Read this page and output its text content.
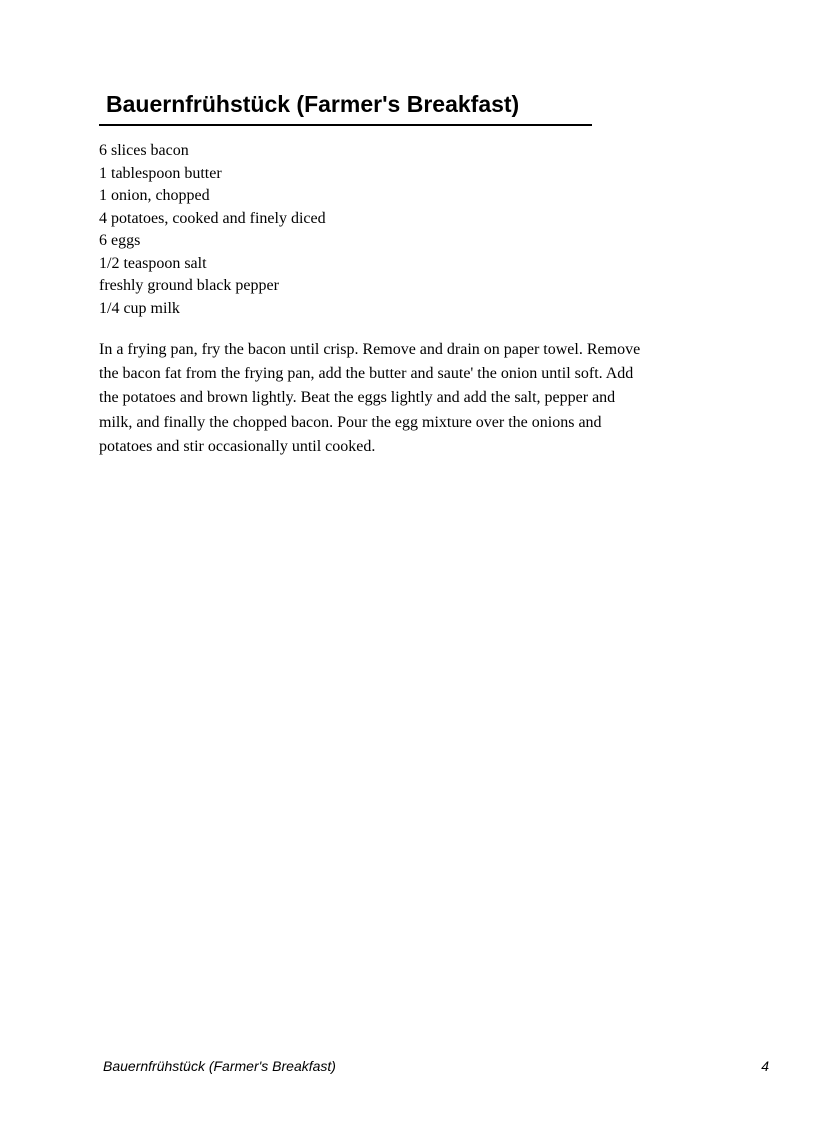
Bauernfrühstück (Farmer's Breakfast)
6 slices bacon
1 tablespoon butter
1 onion, chopped
4 potatoes, cooked and finely diced
6 eggs
1/2 teaspoon salt
freshly ground black pepper
1/4 cup milk

In a frying pan, fry the bacon until crisp. Remove and drain on paper towel. Remove
the bacon fat from the frying pan, add the butter and saute' the onion until soft. Add
the potatoes and brown lightly. Beat the eggs lightly and add the salt, pepper and
milk, and finally the chopped bacon. Pour the egg mixture over the onions and
potatoes and stir occasionally until cooked.

Bauernfrühstück (Farmer's Breakfast)	4
